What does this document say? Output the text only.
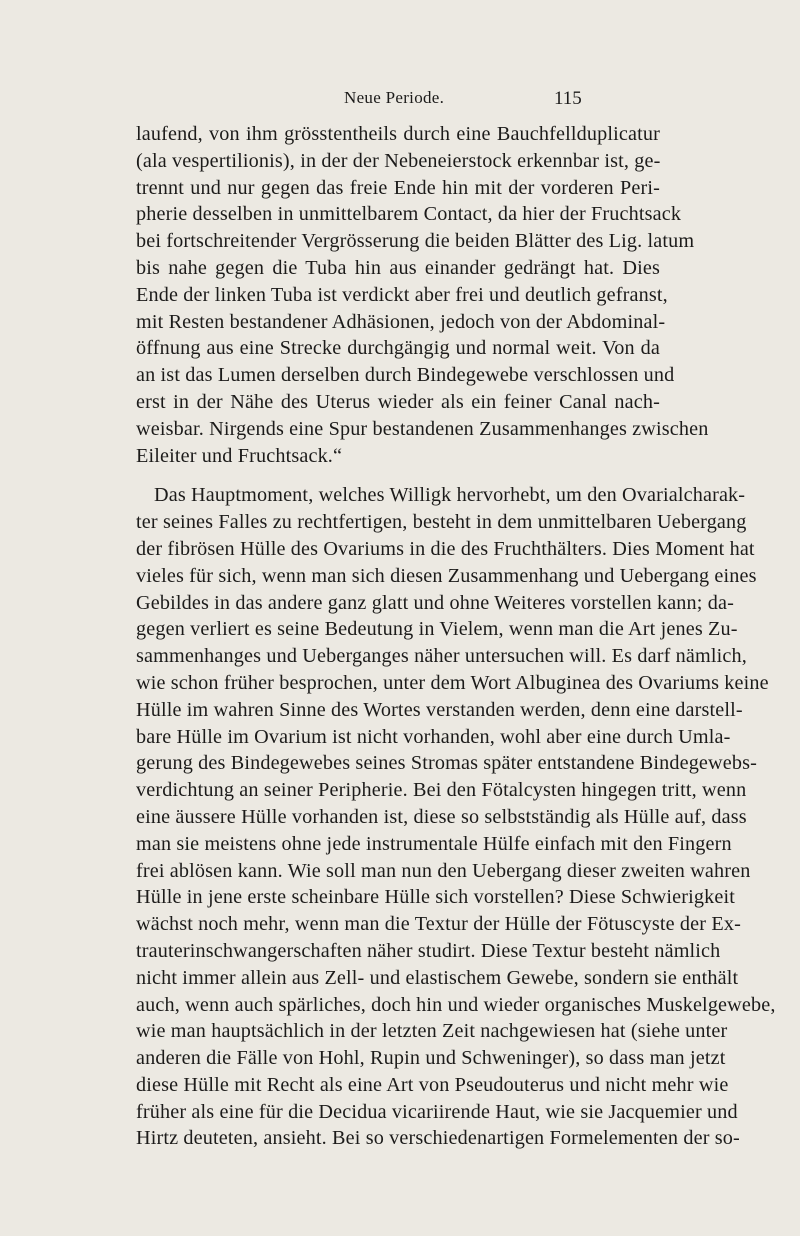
Neue Periode.	115

laufend, von ihm grösstentheils durch eine Bauchfellduplicatur
(ala vespertilionis), in der der Nebeneierstock erkennbar ist, ge-
trennt und nur gegen das freie Ende hin mit der vorderen Peri-
pherie desselben in unmittelbarem Contact, da hier der Fruchtsack
bei fortschreitender Vergrösserung die beiden Blätter des Lig. latum
bis nahe gegen die Tuba hin aus einander gedrängt hat. Dies
Ende der linken Tuba ist verdickt aber frei und deutlich gefranst,
mit Resten bestandener Adhäsionen, jedoch von der Abdominal-
öffnung aus eine Strecke durchgängig und normal weit. Von da
an ist das Lumen derselben durch Bindegewebe verschlossen und
erst in der Nähe des Uterus wieder als ein feiner Canal nach-
weisbar. Nirgends eine Spur bestandenen Zusammenhanges zwischen
Eileiter und Fruchtsack.“

Das Hauptmoment, welches Willigk hervorhebt, um den Ovarialcharak-
ter seines Falles zu rechtfertigen, besteht in dem unmittelbaren Uebergang
der fibrösen Hülle des Ovariums in die des Fruchthälters. Dies Moment hat
vieles für sich, wenn man sich diesen Zusammenhang und Uebergang eines
Gebildes in das andere ganz glatt und ohne Weiteres vorstellen kann; da-
gegen verliert es seine Bedeutung in Vielem, wenn man die Art jenes Zu-
sammenhanges und Ueberganges näher untersuchen will. Es darf nämlich,
wie schon früher besprochen, unter dem Wort Albuginea des Ovariums keine
Hülle im wahren Sinne des Wortes verstanden werden, denn eine darstell-
bare Hülle im Ovarium ist nicht vorhanden, wohl aber eine durch Umla-
gerung des Bindegewebes seines Stromas später entstandene Bindegewebs-
verdichtung an seiner Peripherie. Bei den Fötalcysten hingegen tritt, wenn
eine äussere Hülle vorhanden ist, diese so selbstständig als Hülle auf, dass
man sie meistens ohne jede instrumentale Hülfe einfach mit den Fingern
frei ablösen kann. Wie soll man nun den Uebergang dieser zweiten wahren
Hülle in jene erste scheinbare Hülle sich vorstellen? Diese Schwierigkeit
wächst noch mehr, wenn man die Textur der Hülle der Fötuscyste der Ex-
trauterinschwangerschaften näher studirt. Diese Textur besteht nämlich
nicht immer allein aus Zell- und elastischem Gewebe, sondern sie enthält
auch, wenn auch spärliches, doch hin und wieder organisches Muskelgewebe,
wie man hauptsächlich in der letzten Zeit nachgewiesen hat (siehe unter
anderen die Fälle von Hohl, Rupin und Schweninger), so dass man jetzt
diese Hülle mit Recht als eine Art von Pseudouterus und nicht mehr wie
früher als eine für die Decidua vicariirende Haut, wie sie Jacquemier und
Hirtz deuteten, ansieht. Bei so verschiedenartigen Formelementen der so-
